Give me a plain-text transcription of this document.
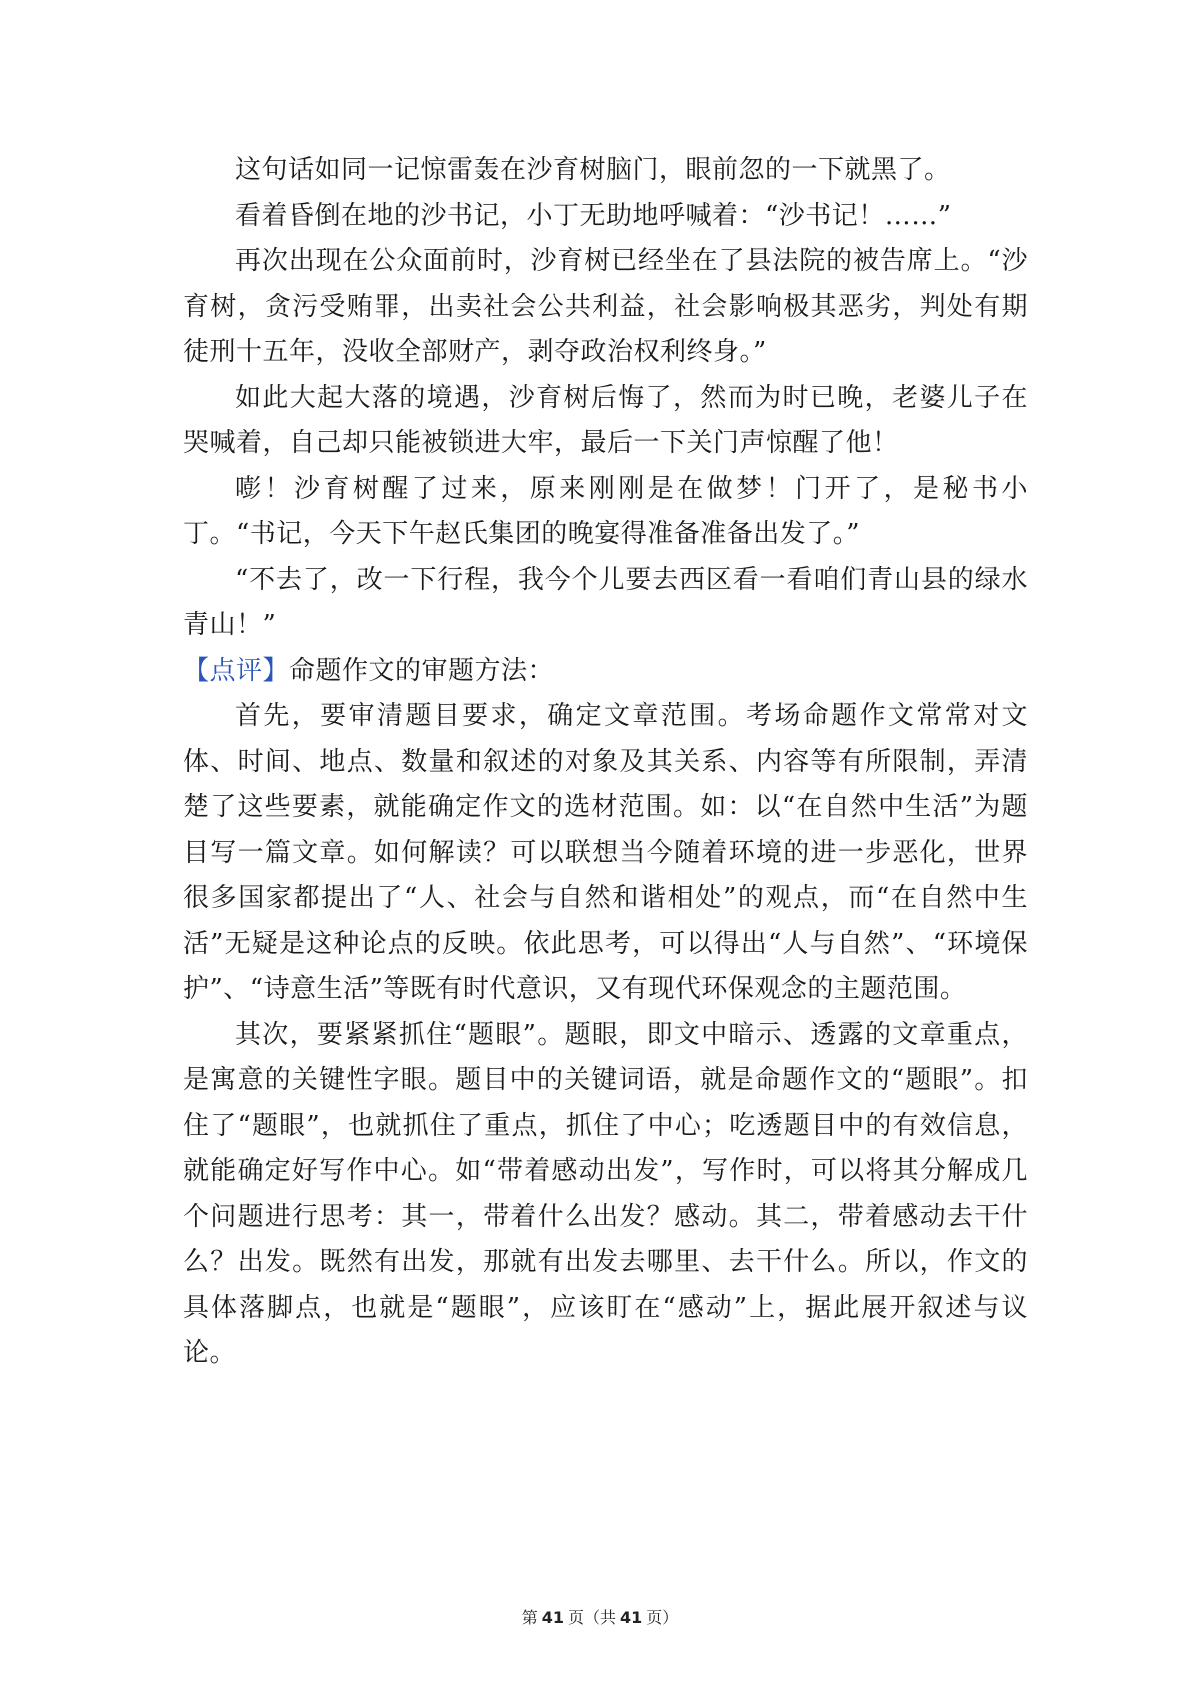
这句话如同一记惊雷轰在沙育树脑门，眼前忽的一下就黑了。

看着昏倒在地的沙书记，小丁无助地呼喊着：“沙书记！……”

再次出现在公众面前时，沙育树已经坐在了县法院的被告席上。“沙育树，贪污受贿罪，出卖社会公共利益，社会影响极其恶劣，判处有期徒刑十五年，没收全部财产，剥夺政治权利终身。”

如此大起大落的境遇，沙育树后悔了，然而为时已晚，老婆儿子在哭喊着，自己却只能被锁进大牢，最后一下关门声惊醒了他！

嘭！沙育树醒了过来，原来刚刚是在做梦！门开了，是秘书小丁。“书记，今天下午赵氏集团的晚宴得准备准备出发了。”

“不去了，改一下行程，我今个儿要去西区看一看咱们青山县的绿水青山！”

【点评】命题作文的审题方法：

首先，要审清题目要求，确定文章范围。考场命题作文常常对文体、时间、地点、数量和叙述的对象及其关系、内容等有所限制，弄清楚了这些要素，就能确定作文的选材范围。如：以“在自然中生活”为题目写一篇文章。如何解读？可以联想当今随着环境的进一步恶化，世界很多国家都提出了“人、社会与自然和谐相处”的观点，而“在自然中生活”无疑是这种论点的反映。依此思考，可以得出“人与自然”、“环境保护”、“诗意生活”等既有时代意识，又有现代环保观念的主题范围。

其次，要紧紧抓住“题眼”。题眼，即文中暗示、透露的文章重点，是寓意的关键性字眼。题目中的关键词语，就是命题作文的“题眼”。扣住了“题眼”，也就抓住了重点，抓住了中心；吃透题目中的有效信息，就能确定好写作中心。如“带着感动出发”，写作时，可以将其分解成几个问题进行思考：其一，带着什么出发？感动。其二，带着感动去干什么？出发。既然有出发，那就有出发去哪里、去干什么。所以，作文的具体落脚点，也就是“题眼”，应该盯在“感动”上，据此展开叙述与议论。

第 41 页（共 41 页）
